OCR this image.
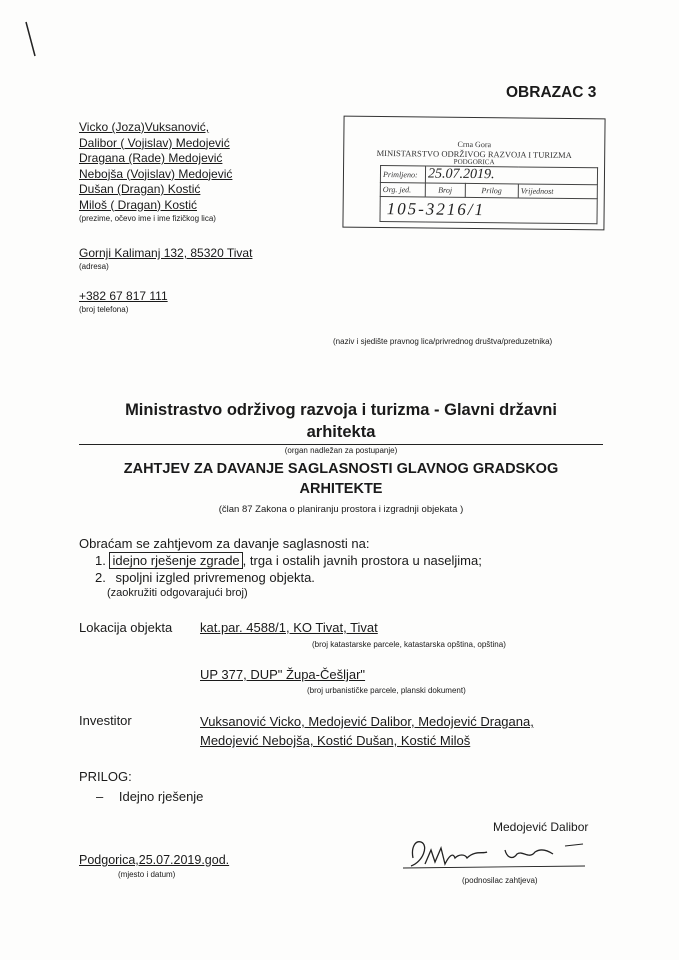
OBRAZAC 3
Vicko (Joza)Vuksanović,
Dalibor ( Vojislav) Medojević
Dragana (Rade) Medojević
Nebojša (Vojislav) Medojević
Dušan (Dragan) Kostić
Miloš ( Dragan) Kostić
(prezime, očevo ime i ime fizičkog lica)
Gornji Kalimanj 132, 85320 Tivat
(adresa)
+382 67 817 111
(broj telefona)
(naziv i sjedište pravnog lica/privrednog društva/preduzetnika)
Crna Gora
MINISTARSTVO ODRŽIVOG RAZVOJA I TURIZMA
PODGORICA
Primljeno:	25.07.2019.		
Org. jed.	Broj	Prilog	Vrijednost
105-3216/1			
Ministrastvo održivog razvoja i turizma - Glavni državni
arhitekta
(organ nadležan za postupanje)
ZAHTJEV ZA DAVANJE SAGLASNOSTI GLAVNOG GRADSKOG
ARHITEKTE
(član 87 Zakona o planiranju prostora i izgradnji objekata )
Obraćam se zahtjevom za davanje saglasnosti na:
1. idejno rješenje zgrade , trga i ostalih javnih prostora u naseljima;
2. spoljni izgled privremenog objekta.
(zaokružiti odgovarajući broj)
Lokacija objekta kat.par. 4588/1, KO Tivat, Tivat
(broj katastarske parcele, katastarska opština, opština)
UP 377, DUP" Župa-Češljar"
(broj urbanističke parcele, planski dokument)
Investitor	Vuksanović Vicko, Medojević Dalibor, Medojević Dragana,
Medojević Nebojša, Kostić Dušan, Kostić Miloš
PRILOG:
– Idejno rješenje
Medojević Dalibor
Podgorica,25.07.2019.god.
(mjesto i datum)
(podnosilac zahtjeva)
